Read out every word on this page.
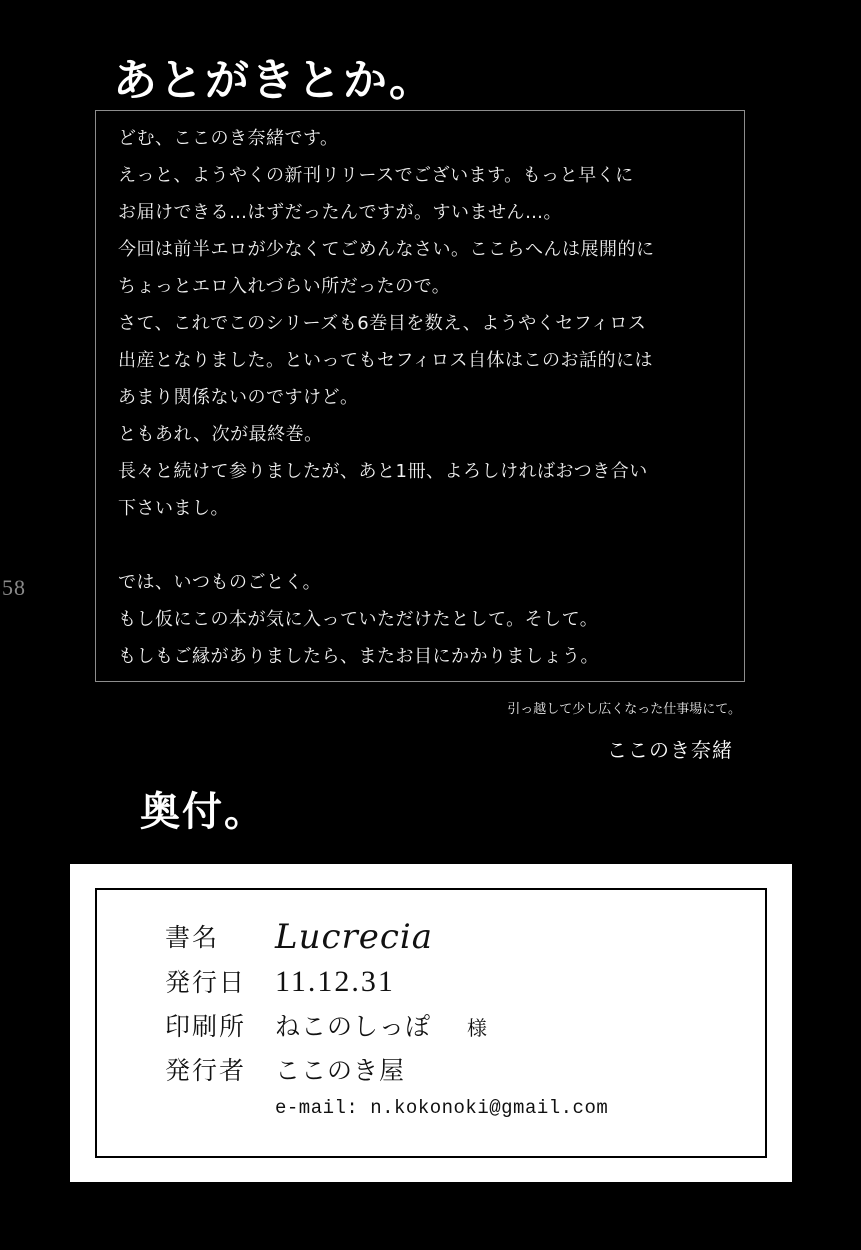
58
あとがきとか。

どむ、ここのき奈緒です。

えっと、ようやくの新刊リリースでございます。もっと早くに

お届けできる…はずだったんですが。すいません…。

今回は前半エロが少なくてごめんなさい。ここらへんは展開的に

ちょっとエロ入れづらい所だったので。

さて、これでこのシリーズも6巻目を数え、ようやくセフィロス

出産となりました。といってもセフィロス自体はこのお話的には

あまり関係ないのですけど。

ともあれ、次が最終巻。

長々と続けて参りましたが、あと1冊、よろしければおつき合い

下さいまし。

では、いつものごとく。

もし仮にこの本が気に入っていただけたとして。そして。

もしもご縁がありましたら、またお目にかかりましょう。

引っ越して少し広くなった仕事場にて。
ここのき奈緒
奥付。
書名	Lucrecia
発行日 11.12.31
印刷所	ねこのしっぽ 様
発行者	ここのき屋
e-mail: n.kokonoki@gmail.com
